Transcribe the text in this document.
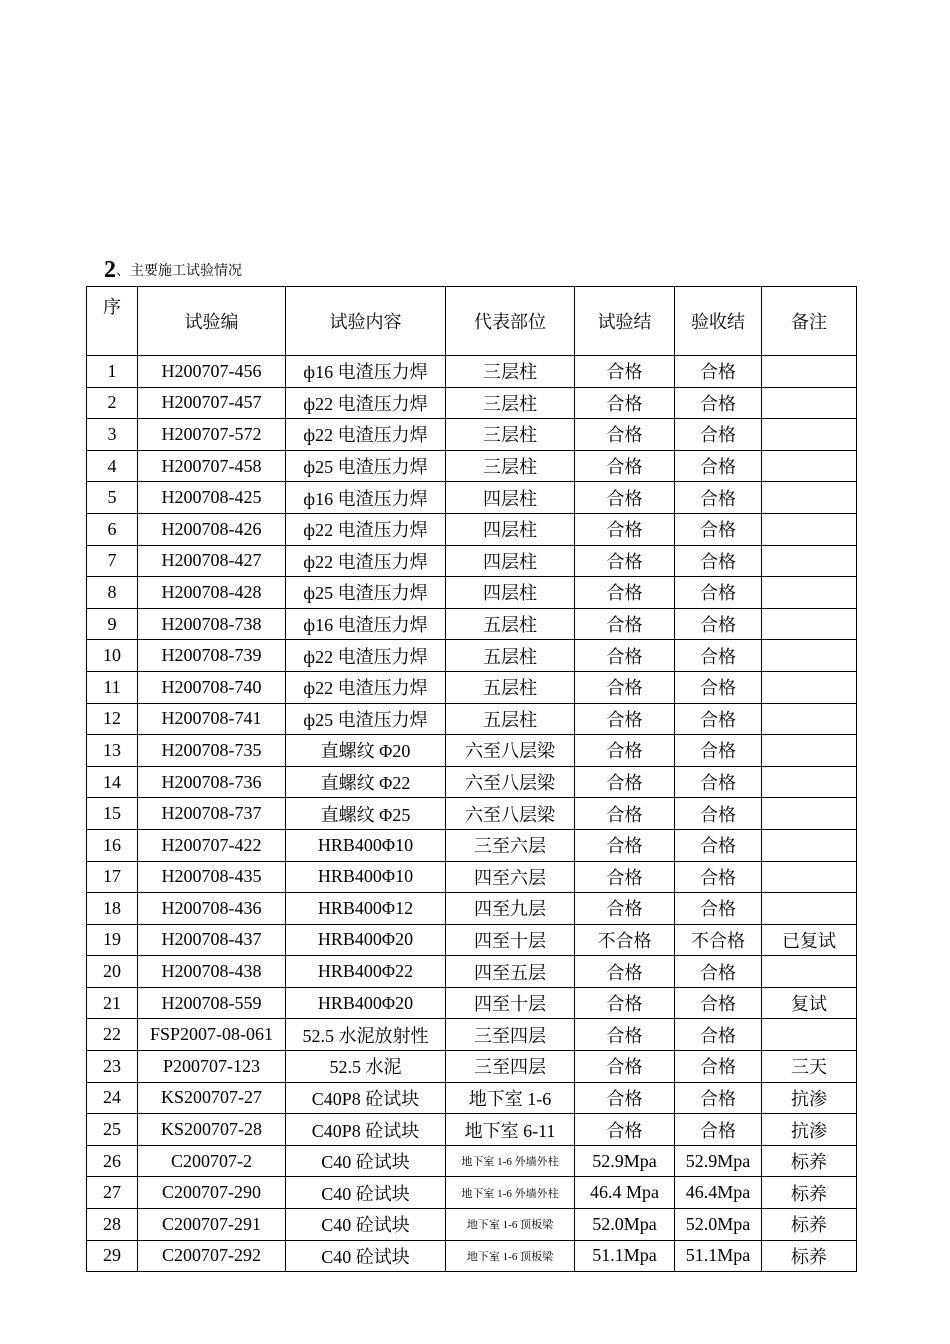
2、主要施工试验情况
序	试验编	试验内容	代表部位	试验结	验收结	备注
1	H200707-456	ф16 电渣压力焊	三层柱	合格	合格	
2	H200707-457	ф22 电渣压力焊	三层柱	合格	合格	
3	H200707-572	ф22 电渣压力焊	三层柱	合格	合格	
4	H200707-458	ф25 电渣压力焊	三层柱	合格	合格	
5	H200708-425	ф16 电渣压力焊	四层柱	合格	合格	
6	H200708-426	ф22 电渣压力焊	四层柱	合格	合格	
7	H200708-427	ф22 电渣压力焊	四层柱	合格	合格	
8	H200708-428	ф25 电渣压力焊	四层柱	合格	合格	
9	H200708-738	ф16 电渣压力焊	五层柱	合格	合格	
10	H200708-739	ф22 电渣压力焊	五层柱	合格	合格	
11	H200708-740	ф22 电渣压力焊	五层柱	合格	合格	
12	H200708-741	ф25 电渣压力焊	五层柱	合格	合格	
13	H200708-735	直螺纹 Φ20	六至八层梁	合格	合格	
14	H200708-736	直螺纹 Φ22	六至八层梁	合格	合格	
15	H200708-737	直螺纹 Φ25	六至八层梁	合格	合格	
16	H200707-422	HRB400Φ10	三至六层	合格	合格	
17	H200708-435	HRB400Φ10	四至六层	合格	合格	
18	H200708-436	HRB400Φ12	四至九层	合格	合格	
19	H200708-437	HRB400Φ20	四至十层	不合格	不合格	已复试
20	H200708-438	HRB400Φ22	四至五层	合格	合格	
21	H200708-559	HRB400Φ20	四至十层	合格	合格	复试
22	FSP2007-08-061	52.5 水泥放射性	三至四层	合格	合格	
23	P200707-123	52.5 水泥	三至四层	合格	合格	三天
24	KS200707-27	C40P8 砼试块	地下室 1-6	合格	合格	抗渗
25	KS200707-28	C40P8 砼试块	地下室 6-11	合格	合格	抗渗
26	C200707-2	C40 砼试块	地下室 1-6 外墙外柱	52.9Mpa	52.9Mpa	标养
27	C200707-290	C40 砼试块	地下室 1-6 外墙外柱	46.4 Mpa	46.4Mpa	标养
28	C200707-291	C40 砼试块	地下室 1-6 顶板梁	52.0Mpa	52.0Mpa	标养
29	C200707-292	C40 砼试块	地下室 1-6 顶板梁	51.1Mpa	51.1Mpa	标养
